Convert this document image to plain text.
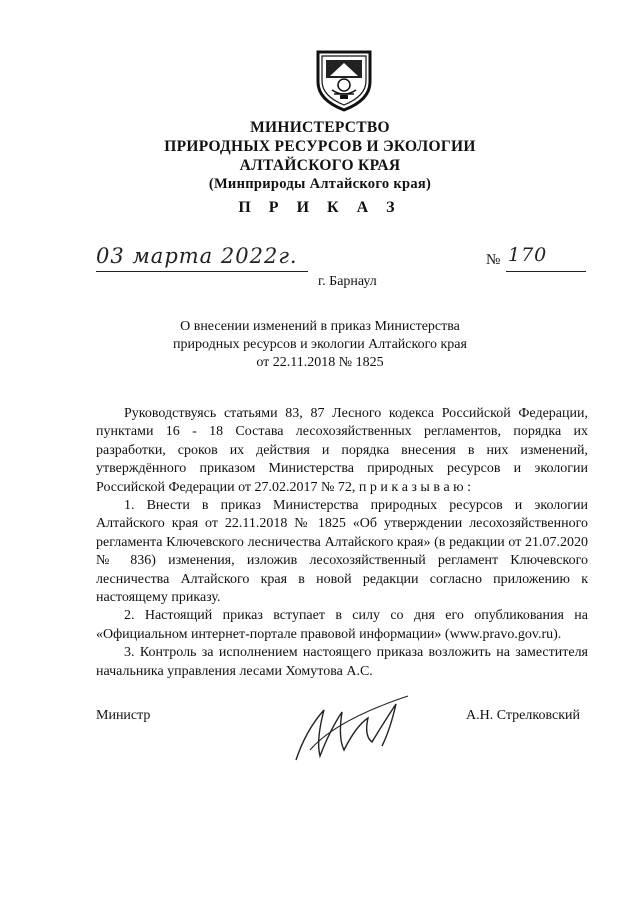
МИНИСТЕРСТВО
ПРИРОДНЫХ РЕСУРСОВ И ЭКОЛОГИИ
АЛТАЙСКОГО КРАЯ
(Минприроды Алтайского края)
П Р И К А З
03 марта 2022г.	№ 170
г. Барнаул
О внесении изменений в приказ Министерства
природных ресурсов и экологии Алтайского края
от 22.11.2018 № 1825

Руководствуясь статьями 83, 87 Лесного кодекса Российской Федерации, пунктами 16 - 18 Состава лесохозяйственных регламентов, порядка их разработки, сроков их действия и порядка внесения в них изменений, утверждённого приказом Министерства природных ресурсов и экологии Российской Федерации от 27.02.2017 № 72, п р и к а з ы в а ю :

1. Внести в приказ Министерства природных ресурсов и экологии Алтайского края от 22.11.2018 № 1825 «Об утверждении лесохозяйственного регламента Ключевского лесничества Алтайского края» (в редакции от 21.07.2020 № 836) изменения, изложив лесохозяйственный регламент Ключевского лесничества Алтайского края в новой редакции согласно приложению к настоящему приказу.

2. Настоящий приказ вступает в силу со дня его опубликования на «Официальном интернет-портале правовой информации» (www.pravo.gov.ru).

3. Контроль за исполнением настоящего приказа возложить на заместителя начальника управления лесами Хомутова А.С.

Министр	А.Н. Стрелковский
